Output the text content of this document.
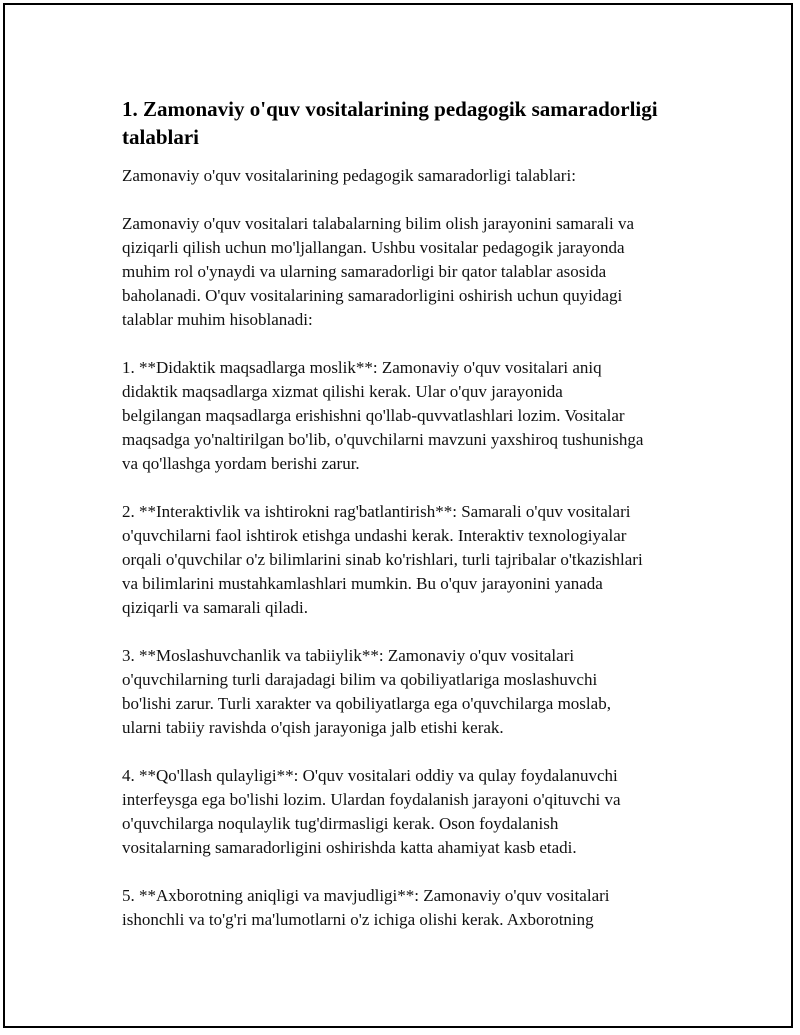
1. Zamonaviy o'quv vositalarining pedagogik samaradorligi talablari

Zamonaviy o'quv vositalarining pedagogik samaradorligi talablari:

Zamonaviy o'quv vositalari talabalarning bilim olish jarayonini samarali va
qiziqarli qilish uchun mo'ljallangan. Ushbu vositalar pedagogik jarayonda
muhim rol o'ynaydi va ularning samaradorligi bir qator talablar asosida
baholanadi. O'quv vositalarining samaradorligini oshirish uchun quyidagi
talablar muhim hisoblanadi:

1. **Didaktik maqsadlarga moslik**: Zamonaviy o'quv vositalari aniq
didaktik maqsadlarga xizmat qilishi kerak. Ular o'quv jarayonida
belgilangan maqsadlarga erishishni qo'llab-quvvatlashlari lozim. Vositalar
maqsadga yo'naltirilgan bo'lib, o'quvchilarni mavzuni yaxshiroq tushunishga
va qo'llashga yordam berishi zarur.

2. **Interaktivlik va ishtirokni rag'batlantirish**: Samarali o'quv vositalari
o'quvchilarni faol ishtirok etishga undashi kerak. Interaktiv texnologiyalar
orqali o'quvchilar o'z bilimlarini sinab ko'rishlari, turli tajribalar o'tkazishlari
va bilimlarini mustahkamlashlari mumkin. Bu o'quv jarayonini yanada
qiziqarli va samarali qiladi.

3. **Moslashuvchanlik va tabiiylik**: Zamonaviy o'quv vositalari
o'quvchilarning turli darajadagi bilim va qobiliyatlariga moslashuvchi
bo'lishi zarur. Turli xarakter va qobiliyatlarga ega o'quvchilarga moslab,
ularni tabiiy ravishda o'qish jarayoniga jalb etishi kerak.

4. **Qo'llash qulayligi**: O'quv vositalari oddiy va qulay foydalanuvchi
interfeysga ega bo'lishi lozim. Ulardan foydalanish jarayoni o'qituvchi va
o'quvchilarga noqulaylik tug'dirmasligi kerak. Oson foydalanish
vositalarning samaradorligini oshirishda katta ahamiyat kasb etadi.

5. **Axborotning aniqligi va mavjudligi**: Zamonaviy o'quv vositalari
ishonchli va to'g'ri ma'lumotlarni o'z ichiga olishi kerak. Axborotning
